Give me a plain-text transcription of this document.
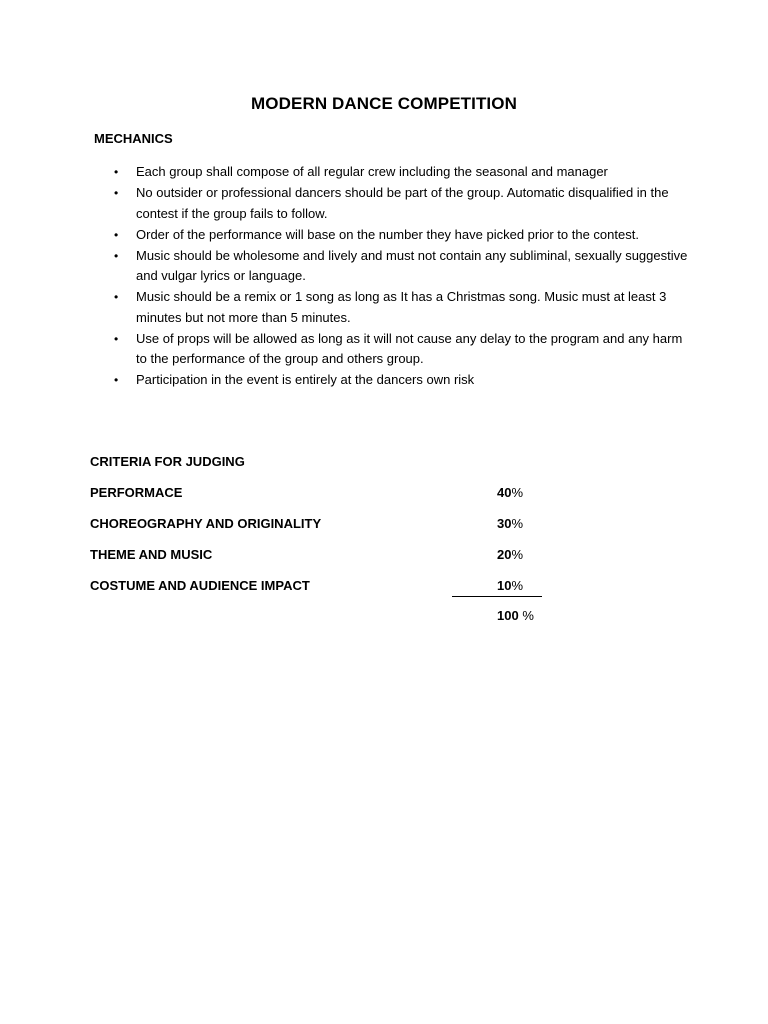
MODERN DANCE COMPETITION
MECHANICS
• Each group shall compose of all regular crew including the seasonal and manager
• No outsider or professional dancers should be part of the group. Automatic disqualified in the contest if the group fails to follow.
• Order of the performance will base on the number they have picked prior to the contest.
• Music should be wholesome and lively and must not contain any subliminal, sexually suggestive and vulgar lyrics or language.
• Music should be a remix or 1 song as long as It has a Christmas song. Music must at least 3 minutes but not more than 5 minutes.
• Use of props will be allowed as long as it will not cause any delay to the program and any harm to the performance of the group and others group.
• Participation in the event is entirely at the dancers own risk
CRITERIA FOR JUDGING
PERFORMACE	40%
CHOREOGRAPHY AND ORIGINALITY	30%
THEME AND MUSIC	20%
COSTUME AND AUDIENCE IMPACT	10%
100 %
